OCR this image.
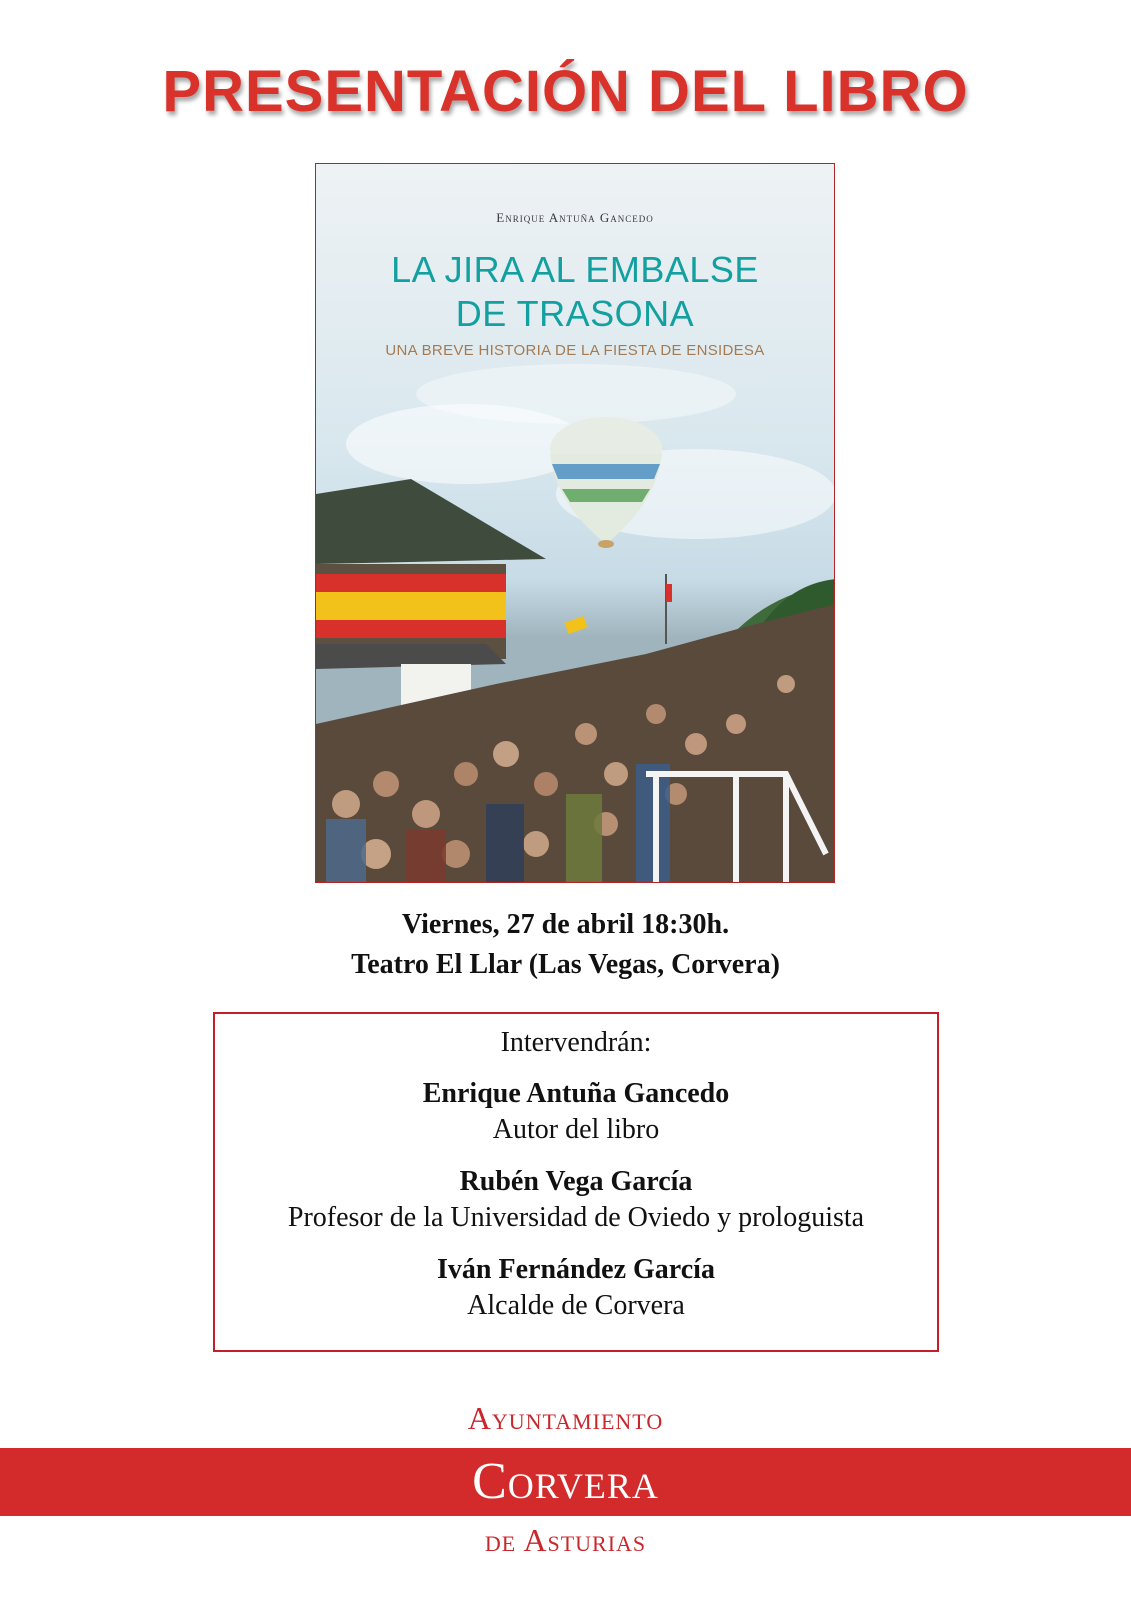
PRESENTACIÓN DEL LIBRO
Enrique Antuña Gancedo
LA JIRA AL EMBALSE
DE TRASONA
UNA BREVE HISTORIA DE LA FIESTA DE ENSIDESA
Viernes, 27 de abril 18:30h.
Teatro El Llar (Las Vegas, Corvera)
Intervendrán:
Enrique Antuña Gancedo
Autor del libro
Rubén Vega García
Profesor de la Universidad de Oviedo y prologuista
Iván Fernández García
Alcalde de Corvera
Ayuntamiento
Corvera
de Asturias
